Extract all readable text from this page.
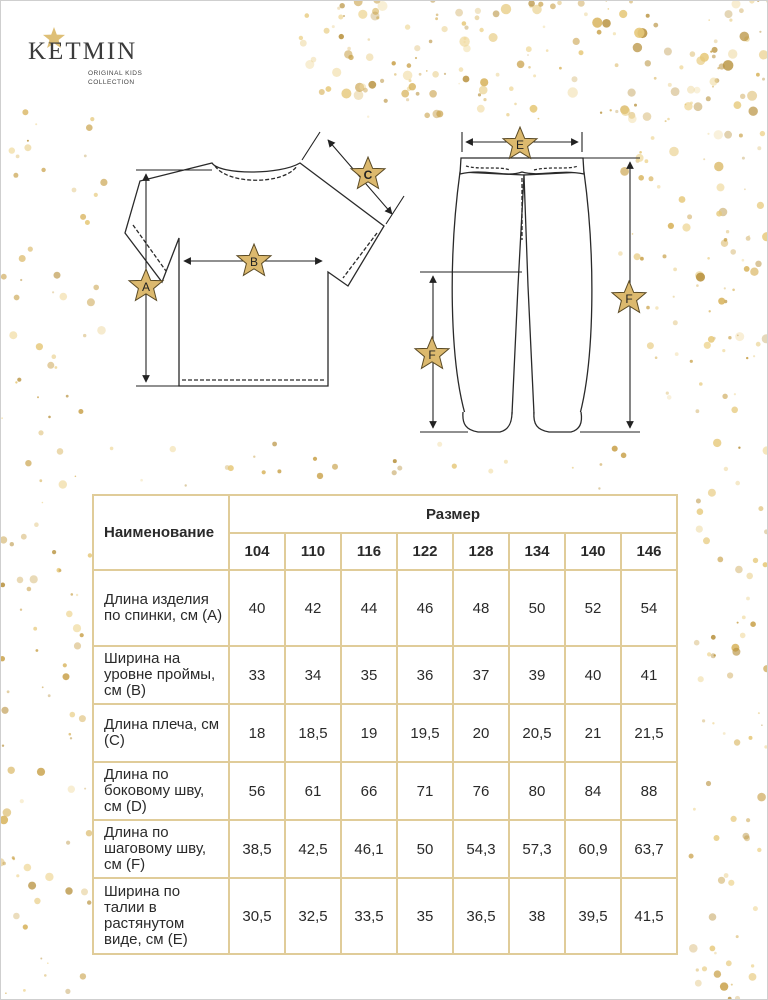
KETMIN
ORIGINAL KIDS
COLLECTION
A
B
C
E
F
F
Наименование	Размер							
	104	110	116	122	128	134	140	146
Длина изделия по спинки, см (А)	40	42	44	46	48	50	52	54
Ширина на уровне проймы, см (В)	33	34	35	36	37	39	40	41
Длина плеча, см (С)	18	18,5	19	19,5	20	20,5	21	21,5
Длина по боковому шву, см (D)	56	61	66	71	76	80	84	88
Длина по шаговому шву, см (F)	38,5	42,5	46,1	50	54,3	57,3	60,9	63,7
Ширина по талии в растянутом виде, см (Е)	30,5	32,5	33,5	35	36,5	38	39,5	41,5
